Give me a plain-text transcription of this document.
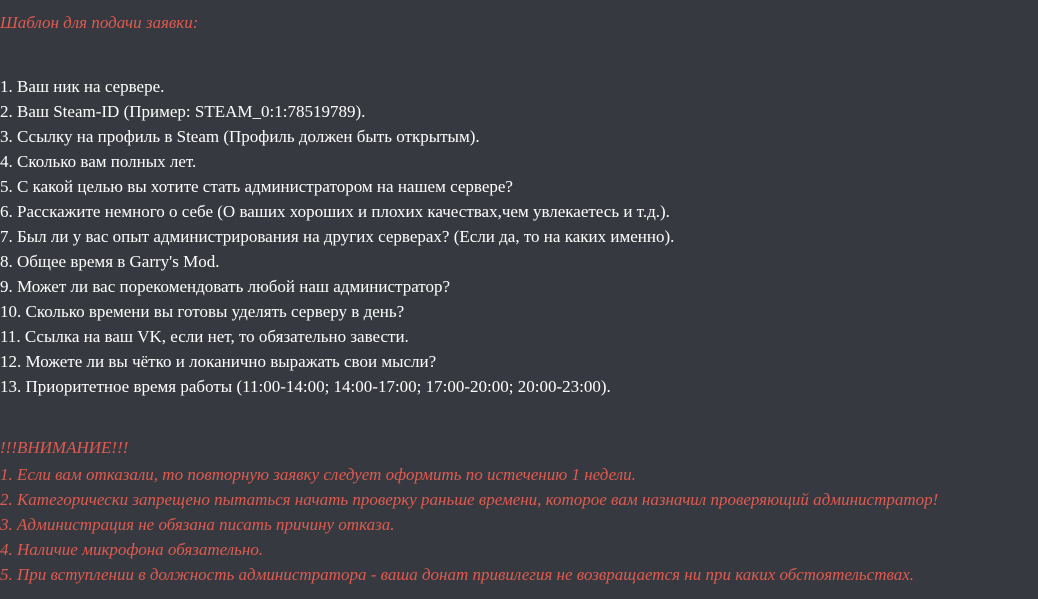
Шаблон для подачи заявки:
1. Ваш ник на сервере.
2. Ваш Steam-ID (Пример: STEAM_0:1:78519789).
3. Ссылку на профиль в Steam (Профиль должен быть открытым).
4. Сколько вам полных лет.
5. С какой целью вы хотите стать администратором на нашем сервере?
6. Расскажите немного о себе (О ваших хороших и плохих качествах,чем увлекаетесь и т.д.).
7. Был ли у вас опыт администрирования на других серверах? (Если да, то на каких именно).
8. Общее время в Garry's Mod.
9. Может ли вас порекомендовать любой наш администратор?
10. Сколько времени вы готовы уделять серверу в день?
11. Ссылка на ваш VK, если нет, то обязательно завести.
12. Можете ли вы чётко и локанично выражать свои мысли?
13. Приоритетное время работы (11:00-14:00; 14:00-17:00; 17:00-20:00; 20:00-23:00).
!!!ВНИМАНИЕ!!!
1. Если вам отказали, то повторную заявку следует оформить по истечению 1 недели.
2. Категорически запрещено пытаться начать проверку раньше времени, которое вам назначил проверяющий администратор!
3. Администрация не обязана писать причину отказа.
4. Наличие микрофона обязательно.
5. При вступлении в должность администратора - ваша донат привилегия не возвращается ни при каких обстоятельствах.
